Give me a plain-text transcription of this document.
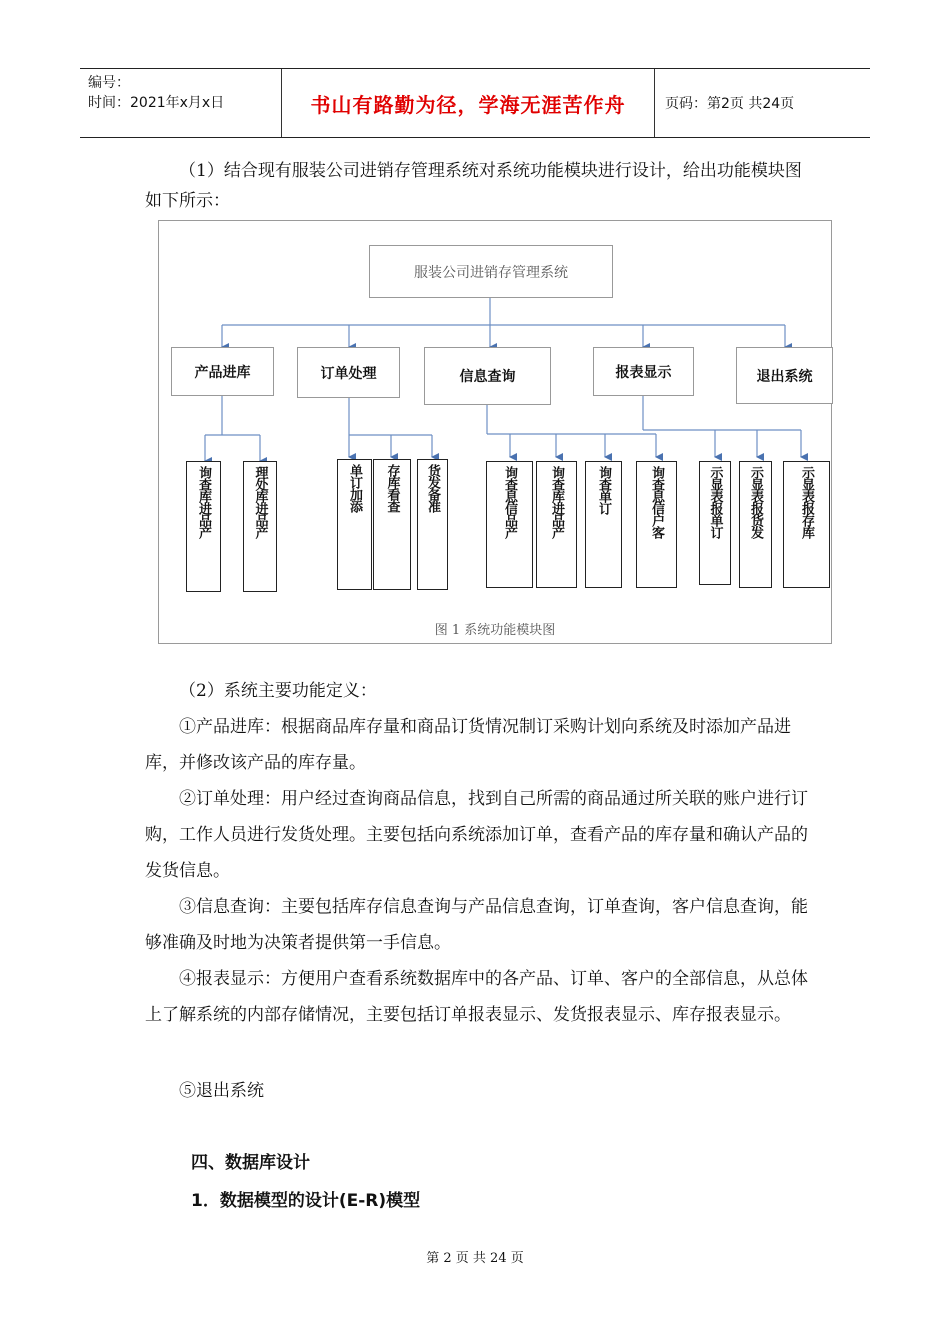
编号：
时间：2021年x月x日	书山有路勤为径，学海无涯苦作舟	页码：第2页 共24页

（1）结合现有服装公司进销存管理系统对系统功能模块进行设计，给出功能模块图如下所示：

服装公司进销存管理系统
产品进库	订单处理	信息查询	报表显示	退出系统
询查库进品产	理处库进品产	单订加添	存库看查	货发备准	询查息信品产	询查库进品产	询查单订	询查息信户客	示显表报单订	示显表报货发	示显表报存库
图 1 系统功能模块图

（2）系统主要功能定义：

①产品进库：根据商品库存量和商品订货情况制订采购计划向系统及时添加产品进库，并修改该产品的库存量。

②订单处理：用户经过查询商品信息，找到自己所需的商品通过所关联的账户进行订购，工作人员进行发货处理。主要包括向系统添加订单，查看产品的库存量和确认产品的发货信息。

③信息查询：主要包括库存信息查询与产品信息查询，订单查询，客户信息查询，能够准确及时地为决策者提供第一手信息。

④报表显示：方便用户查看系统数据库中的各产品、订单、客户的全部信息，从总体上了解系统的内部存储情况，主要包括订单报表显示、发货报表显示、库存报表显示。

⑤退出系统

四、数据库设计

1．数据模型的设计(E-R)模型

第 2 页 共 24 页
